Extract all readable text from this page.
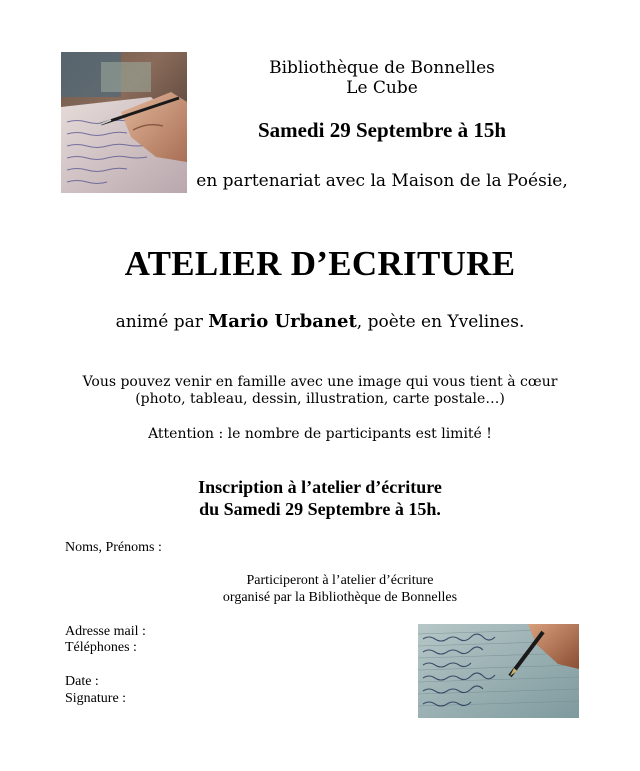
Bibliothèque de Bonnelles
Le Cube
Samedi 29 Septembre à 15h
en partenariat avec la Maison de la Poésie,
ATELIER D’ECRITURE
animé par Mario Urbanet, poète en Yvelines.
Vous pouvez venir en famille avec une image qui vous tient à cœur
(photo, tableau, dessin, illustration, carte postale…)
Attention : le nombre de participants est limité !
Inscription à l’atelier d’écriture
du Samedi 29 Septembre à 15h.
Noms, Prénoms :
Participeront à l’atelier d’écriture
organisé par la Bibliothèque de Bonnelles
Adresse mail :
Téléphones :
Date :
Signature :
